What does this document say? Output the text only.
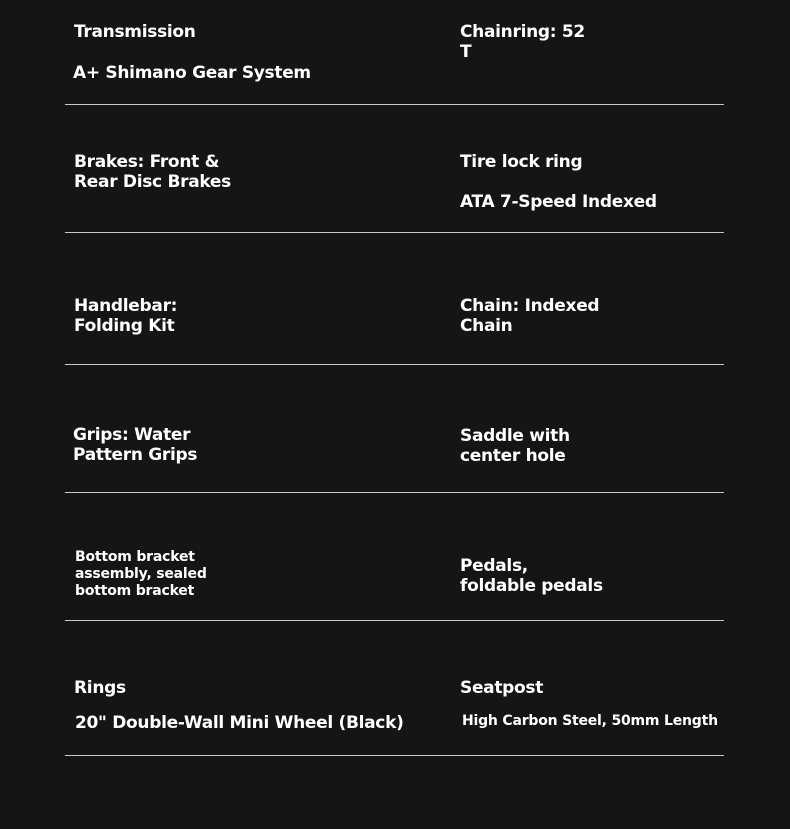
Transmission
A+ Shimano Gear System
Chainring: 52
T
Brakes: Front &
Rear Disc Brakes
Tire lock ring
ATA 7-Speed Indexed
Handlebar:
Folding Kit
Chain: Indexed
Chain
Grips: Water
Pattern Grips
Saddle with
center hole
Bottom bracket
assembly, sealed
bottom bracket
Pedals,
foldable pedals
Rings
20" Double-Wall Mini Wheel (Black)
Seatpost
High Carbon Steel, 50mm Length
